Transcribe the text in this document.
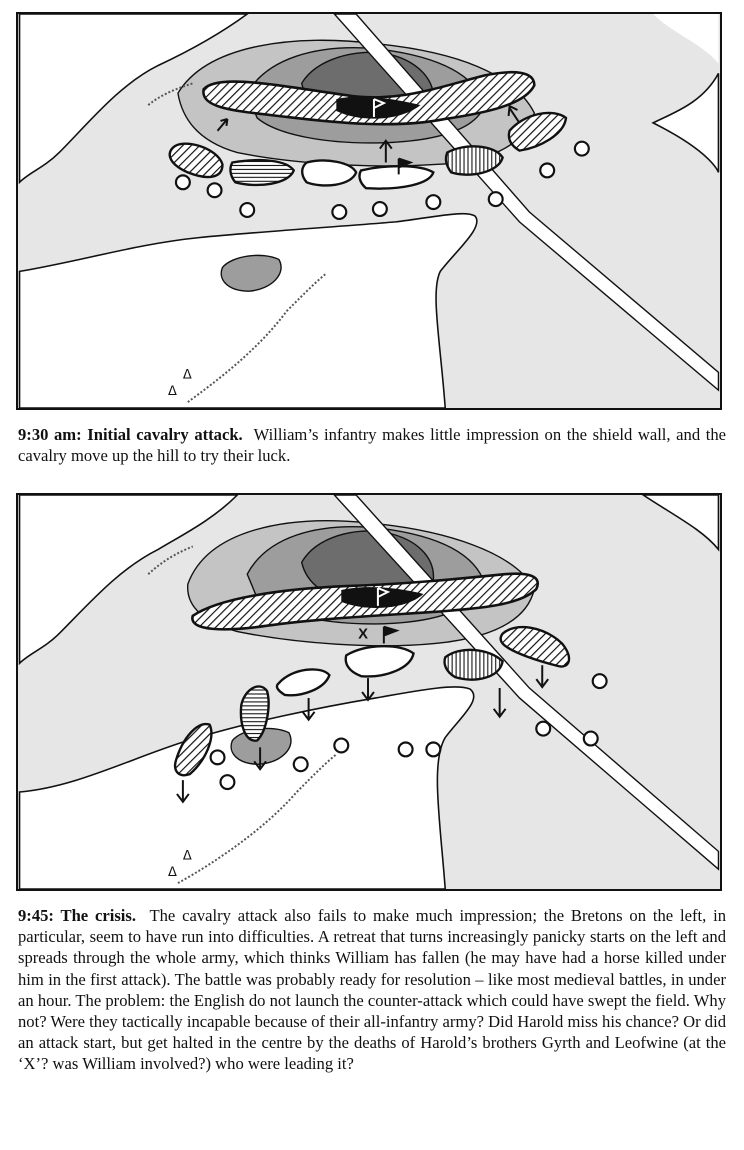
ᐃ
ᐃ

9:30 am: Initial cavalry attack. William’s infantry makes little impression on the shield wall, and the cavalry move up the hill to try their luck.

ᐃ
ᐃ
X

9:45: The crisis. The cavalry attack also fails to make much impression; the Bretons on the left, in particular, seem to have run into difficulties. A retreat that turns increasingly panicky starts on the left and spreads through the whole army, which thinks William has fallen (he may have had a horse killed under him in the first attack). The battle was probably ready for resolution – like most medieval battles, in under an hour. The problem: the English do not launch the counter-attack which could have swept the field. Why not? Were they tactically incapable because of their all-infantry army? Did Harold miss his chance? Or did an attack start, but get halted in the centre by the deaths of Harold’s brothers Gyrth and Leofwine (at the ‘X’? was William involved?) who were leading it?
